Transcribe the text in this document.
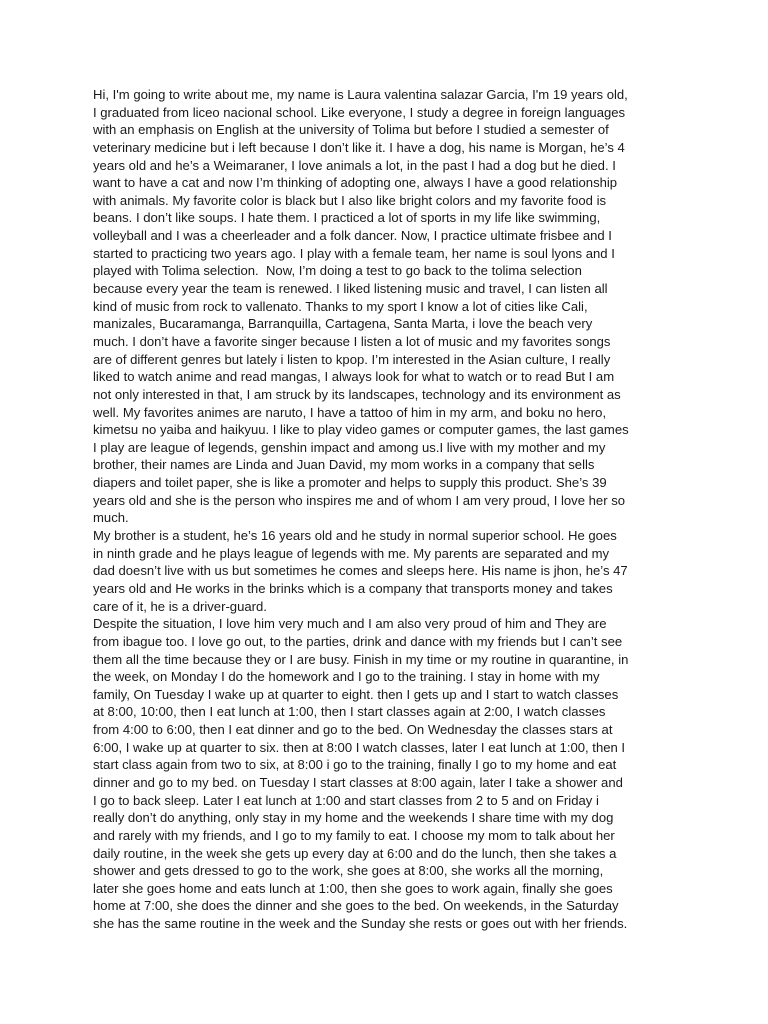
Hi, I'm going to write about me, my name is Laura valentina salazar Garcia, I'm 19 years old,
I graduated from liceo nacional school. Like everyone, I study a degree in foreign languages
with an emphasis on English at the university of Tolima but before I studied a semester of
veterinary medicine but i left because I don’t like it. I have a dog, his name is Morgan, he’s 4
years old and he’s a Weimaraner, I love animals a lot, in the past I had a dog but he died. I
want to have a cat and now I’m thinking of adopting one, always I have a good relationship
with animals. My favorite color is black but I also like bright colors and my favorite food is
beans. I don’t like soups. I hate them. I practiced a lot of sports in my life like swimming,
volleyball and I was a cheerleader and a folk dancer. Now, I practice ultimate frisbee and I
started to practicing two years ago. I play with a female team, her name is soul lyons and I
played with Tolima selection.  Now, I’m doing a test to go back to the tolima selection
because every year the team is renewed. I liked listening music and travel, I can listen all
kind of music from rock to vallenato. Thanks to my sport I know a lot of cities like Cali,
manizales, Bucaramanga, Barranquilla, Cartagena, Santa Marta, i love the beach very
much. I don’t have a favorite singer because I listen a lot of music and my favorites songs
are of different genres but lately i listen to kpop. I’m interested in the Asian culture, I really
liked to watch anime and read mangas, I always look for what to watch or to read But I am
not only interested in that, I am struck by its landscapes, technology and its environment as
well. My favorites animes are naruto, I have a tattoo of him in my arm, and boku no hero,
kimetsu no yaiba and haikyuu. I like to play video games or computer games, the last games
I play are league of legends, genshin impact and among us.I live with my mother and my
brother, their names are Linda and Juan David, my mom works in a company that sells
diapers and toilet paper, she is like a promoter and helps to supply this product. She’s 39
years old and she is the person who inspires me and of whom I am very proud, I love her so
much.
My brother is a student, he’s 16 years old and he study in normal superior school. He goes
in ninth grade and he plays league of legends with me. My parents are separated and my
dad doesn’t live with us but sometimes he comes and sleeps here. His name is jhon, he’s 47
years old and He works in the brinks which is a company that transports money and takes
care of it, he is a driver-guard.
Despite the situation, I love him very much and I am also very proud of him and They are
from ibague too. I love go out, to the parties, drink and dance with my friends but I can’t see
them all the time because they or I are busy. Finish in my time or my routine in quarantine, in
the week, on Monday I do the homework and I go to the training. I stay in home with my
family, On Tuesday I wake up at quarter to eight. then I gets up and I start to watch classes
at 8:00, 10:00, then I eat lunch at 1:00, then I start classes again at 2:00, I watch classes
from 4:00 to 6:00, then I eat dinner and go to the bed. On Wednesday the classes stars at
6:00, I wake up at quarter to six. then at 8:00 I watch classes, later I eat lunch at 1:00, then I
start class again from two to six, at 8:00 i go to the training, finally I go to my home and eat
dinner and go to my bed. on Tuesday I start classes at 8:00 again, later I take a shower and
I go to back sleep. Later I eat lunch at 1:00 and start classes from 2 to 5 and on Friday i
really don’t do anything, only stay in my home and the weekends I share time with my dog
and rarely with my friends, and I go to my family to eat. I choose my mom to talk about her
daily routine, in the week she gets up every day at 6:00 and do the lunch, then she takes a
shower and gets dressed to go to the work, she goes at 8:00, she works all the morning,
later she goes home and eats lunch at 1:00, then she goes to work again, finally she goes
home at 7:00, she does the dinner and she goes to the bed. On weekends, in the Saturday
she has the same routine in the week and the Sunday she rests or goes out with her friends.
